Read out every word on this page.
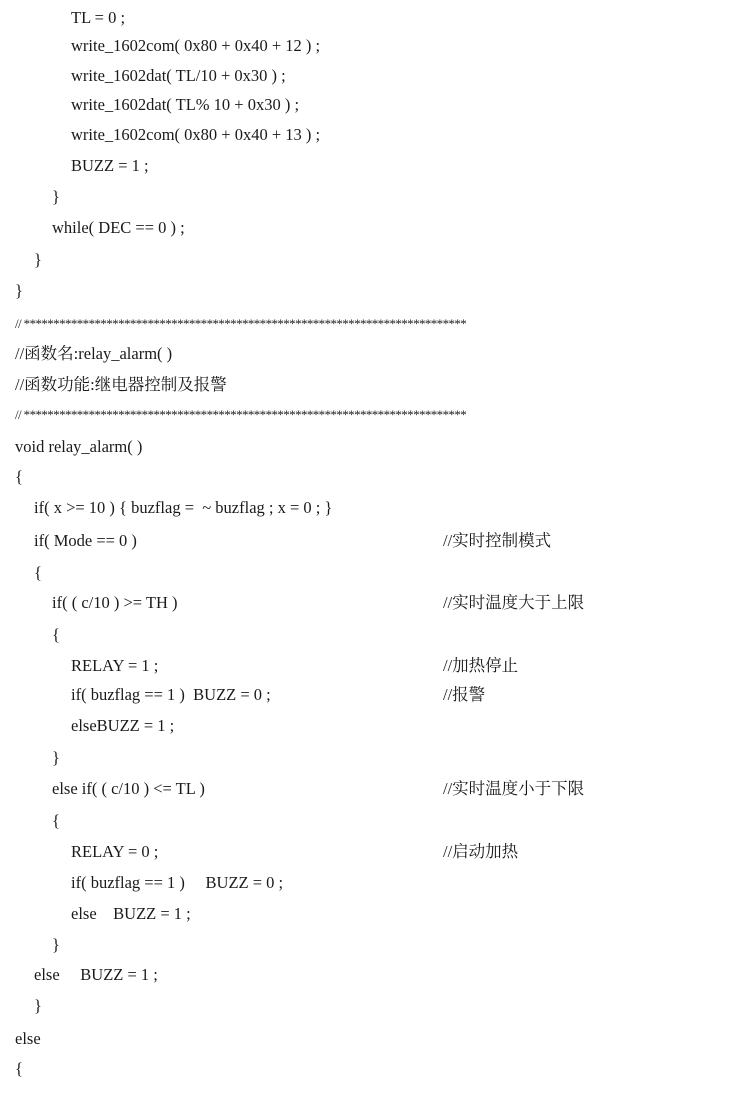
TL = 0 ;
write_1602com( 0x80 + 0x40 + 12 ) ;
write_1602dat( TL/10 + 0x30 ) ;
write_1602dat( TL% 10 + 0x30 ) ;
write_1602com( 0x80 + 0x40 + 13 ) ;
BUZZ = 1 ;
}
while( DEC == 0 ) ;
}
}
// ***************************************************************************
//函数名:relay_alarm( )
//函数功能:继电器控制及报警
// ***************************************************************************
void relay_alarm( )
{
if( x >= 10 ) { buzflag =  ~ buzflag ; x = 0 ; }
if( Mode == 0 )
{
if( ( c/10 ) >= TH )
{
RELAY = 1 ;
if( buzflag == 1 )  BUZZ = 0 ;
elseBUZZ = 1 ;
}
else if( ( c/10 ) <= TL )
{
RELAY = 0 ;
if( buzflag == 1 )     BUZZ = 0 ;
else    BUZZ = 1 ;
}
else     BUZZ = 1 ;
}
else
{
//实时控制模式
//实时温度大于上限
//加热停止
//报警
//实时温度小于下限
//启动加热
